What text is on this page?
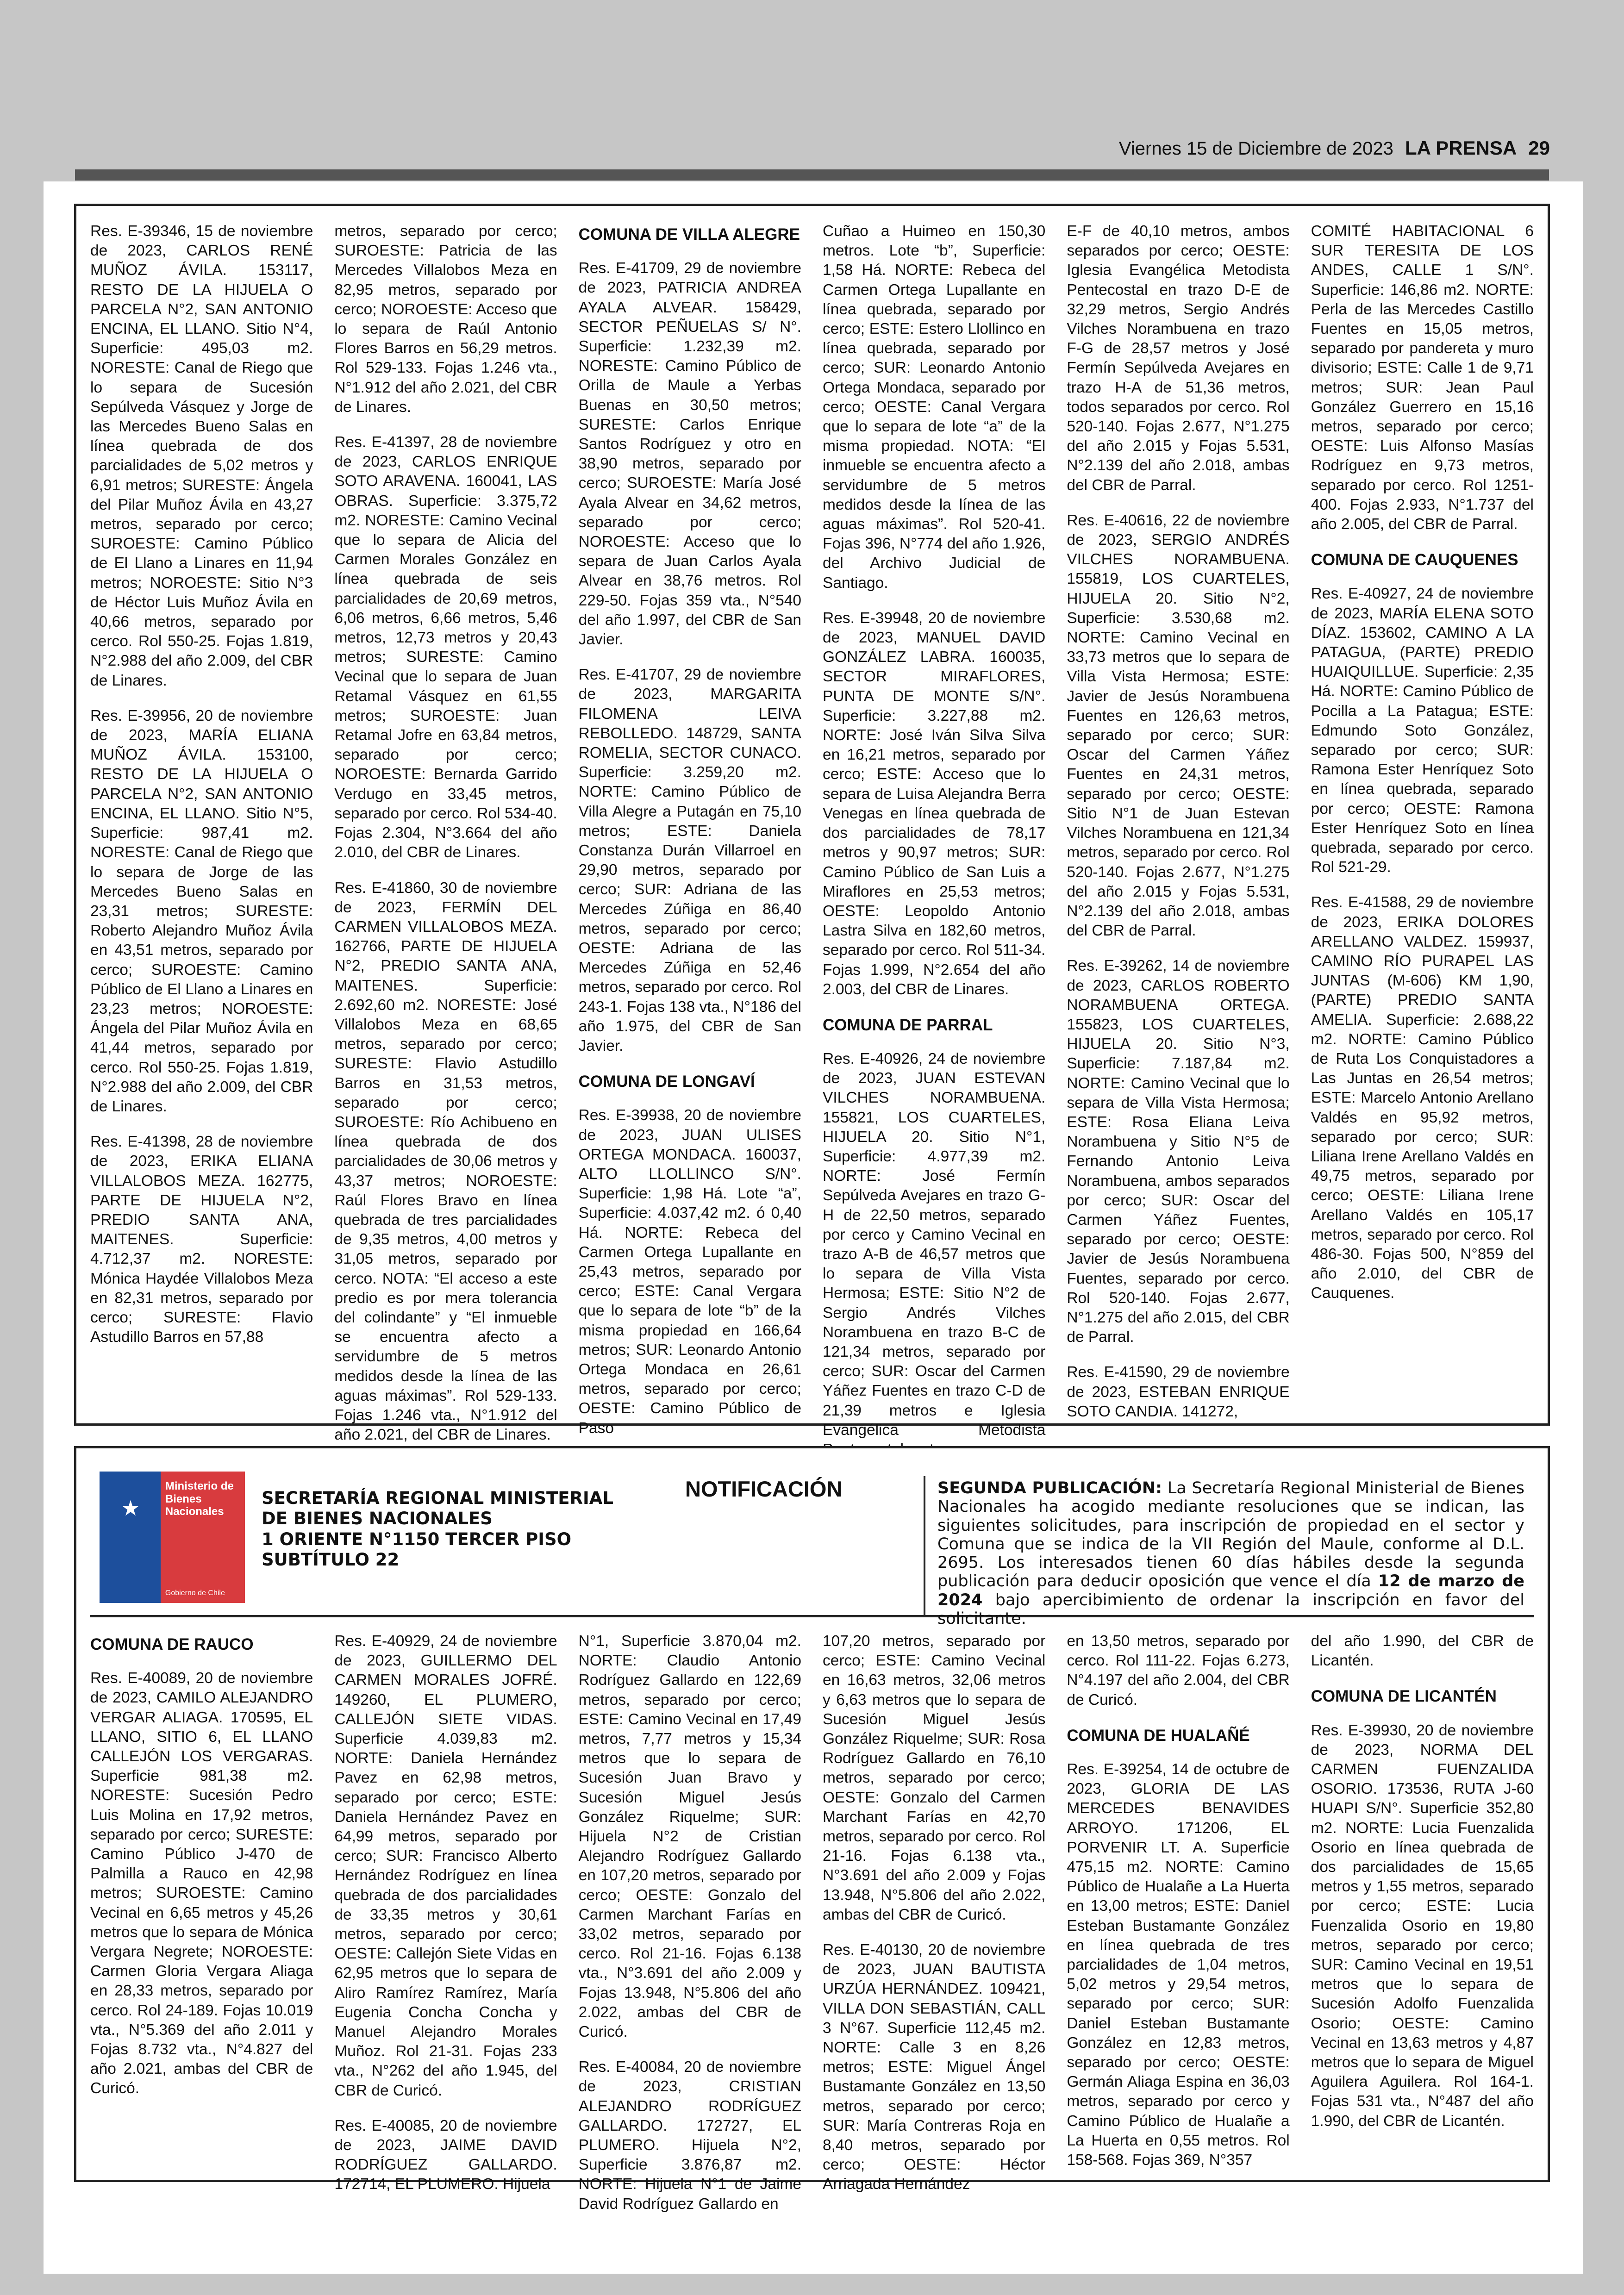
Viernes 15 de Diciembre de 2023 LA PRENSA 29

Res. E-39346, 15 de noviembre de 2023, CARLOS RENÉ MUÑOZ ÁVILA. 153117, RESTO DE LA HIJUELA O PARCELA N°2, SAN ANTONIO ENCINA, EL LLANO. Sitio N°4, Superficie: 495,03 m2. NORESTE: Canal de Riego que lo separa de Sucesión Sepúlveda Vásquez y Jorge de las Mercedes Bueno Salas en línea quebrada de dos parcialidades de 5,02 metros y 6,91 metros; SURESTE: Ángela del Pilar Muñoz Ávila en 43,27 metros, separado por cerco; SUROESTE: Camino Público de El Llano a Linares en 11,94 metros; NOROESTE: Sitio N°3 de Héctor Luis Muñoz Ávila en 40,66 metros, separado por cerco. Rol 550-25. Fojas 1.819, N°2.988 del año 2.009, del CBR de Linares.

Res. E-39956, 20 de noviembre de 2023, MARÍA ELIANA MUÑOZ ÁVILA. 153100, RESTO DE LA HIJUELA O PARCELA N°2, SAN ANTONIO ENCINA, EL LLANO. Sitio N°5, Superficie: 987,41 m2. NORESTE: Canal de Riego que lo separa de Jorge de las Mercedes Bueno Salas en 23,31 metros; SURESTE: Roberto Alejandro Muñoz Ávila en 43,51 metros, separado por cerco; SUROESTE: Camino Público de El Llano a Linares en 23,23 metros; NOROESTE: Ángela del Pilar Muñoz Ávila en 41,44 metros, separado por cerco. Rol 550-25. Fojas 1.819, N°2.988 del año 2.009, del CBR de Linares.

Res. E-41398, 28 de noviembre de 2023, ERIKA ELIANA VILLALOBOS MEZA. 162775, PARTE DE HIJUELA N°2, PREDIO SANTA ANA, MAITENES. Superficie: 4.712,37 m2. NORESTE: Mónica Haydée Villalobos Meza en 82,31 metros, separado por cerco; SURESTE: Flavio Astudillo Barros en 57,88

metros, separado por cerco; SUROESTE: Patricia de las Mercedes Villalobos Meza en 82,95 metros, separado por cerco; NOROESTE: Acceso que lo separa de Raúl Antonio Flores Barros en 56,29 metros. Rol 529-133. Fojas 1.246 vta., N°1.912 del año 2.021, del CBR de Linares.

Res. E-41397, 28 de noviembre de 2023, CARLOS ENRIQUE SOTO ARAVENA. 160041, LAS OBRAS. Superficie: 3.375,72 m2. NORESTE: Camino Vecinal que lo separa de Alicia del Carmen Morales González en línea quebrada de seis parcialidades de 20,69 metros, 6,06 metros, 6,66 metros, 5,46 metros, 12,73 metros y 20,43 metros; SURESTE: Camino Vecinal que lo separa de Juan Retamal Vásquez en 61,55 metros; SUROESTE: Juan Retamal Jofre en 63,84 metros, separado por cerco; NOROESTE: Bernarda Garrido Verdugo en 33,45 metros, separado por cerco. Rol 534-40. Fojas 2.304, N°3.664 del año 2.010, del CBR de Linares.

Res. E-41860, 30 de noviembre de 2023, FERMÍN DEL CARMEN VILLALOBOS MEZA. 162766, PARTE DE HIJUELA N°2, PREDIO SANTA ANA, MAITENES. Superficie: 2.692,60 m2. NORESTE: José Villalobos Meza en 68,65 metros, separado por cerco; SURESTE: Flavio Astudillo Barros en 31,53 metros, separado por cerco; SUROESTE: Río Achibueno en línea quebrada de dos parcialidades de 30,06 metros y 43,37 metros; NOROESTE: Raúl Flores Bravo en línea quebrada de tres parcialidades de 9,35 metros, 4,00 metros y 31,05 metros, separado por cerco. NOTA: “El acceso a este predio es por mera tolerancia del colindante” y “El inmueble se encuentra afecto a servidumbre de 5 metros medidos desde la línea de las aguas máximas”. Rol 529-133. Fojas 1.246 vta., N°1.912 del año 2.021, del CBR de Linares.

COMUNA DE VILLA ALEGRE

Res. E-41709, 29 de noviembre de 2023, PATRICIA ANDREA AYALA ALVEAR. 158429, SECTOR PEÑUELAS S/ N°. Superficie: 1.232,39 m2. NORESTE: Camino Público de Orilla de Maule a Yerbas Buenas en 30,50 metros; SURESTE: Carlos Enrique Santos Rodríguez y otro en 38,90 metros, separado por cerco; SUROESTE: María José Ayala Alvear en 34,62 metros, separado por cerco; NOROESTE: Acceso que lo separa de Juan Carlos Ayala Alvear en 38,76 metros. Rol 229-50. Fojas 359 vta., N°540 del año 1.997, del CBR de San Javier.

Res. E-41707, 29 de noviembre de 2023, MARGARITA FILOMENA LEIVA REBOLLEDO. 148729, SANTA ROMELIA, SECTOR CUNACO. Superficie: 3.259,20 m2. NORTE: Camino Público de Villa Alegre a Putagán en 75,10 metros; ESTE: Daniela Constanza Durán Villarroel en 29,90 metros, separado por cerco; SUR: Adriana de las Mercedes Zúñiga en 86,40 metros, separado por cerco; OESTE: Adriana de las Mercedes Zúñiga en 52,46 metros, separado por cerco. Rol 243-1. Fojas 138 vta., N°186 del año 1.975, del CBR de San Javier.

COMUNA DE LONGAVÍ

Res. E-39938, 20 de noviembre de 2023, JUAN ULISES ORTEGA MONDACA. 160037, ALTO LLOLLINCO S/N°. Superficie: 1,98 Há. Lote “a”, Superficie: 4.037,42 m2. ó 0,40 Há. NORTE: Rebeca del Carmen Ortega Lupallante en 25,43 metros, separado por cerco; ESTE: Canal Vergara que lo separa de lote “b” de la misma propiedad en 166,64 metros; SUR: Leonardo Antonio Ortega Mondaca en 26,61 metros, separado por cerco; OESTE: Camino Público de Paso

Cuñao a Huimeo en 150,30 metros. Lote “b”, Superficie: 1,58 Há. NORTE: Rebeca del Carmen Ortega Lupallante en línea quebrada, separado por cerco; ESTE: Estero Llollinco en línea quebrada, separado por cerco; SUR: Leonardo Antonio Ortega Mondaca, separado por cerco; OESTE: Canal Vergara que lo separa de lote “a” de la misma propiedad. NOTA: “El inmueble se encuentra afecto a servidumbre de 5 metros medidos desde la línea de las aguas máximas”. Rol 520-41. Fojas 396, N°774 del año 1.926, del Archivo Judicial de Santiago.

Res. E-39948, 20 de noviembre de 2023, MANUEL DAVID GONZÁLEZ LABRA. 160035, SECTOR MIRAFLORES, PUNTA DE MONTE S/N°. Superficie: 3.227,88 m2. NORTE: José Iván Silva Silva en 16,21 metros, separado por cerco; ESTE: Acceso que lo separa de Luisa Alejandra Berra Venegas en línea quebrada de dos parcialidades de 78,17 metros y 90,97 metros; SUR: Camino Público de San Luis a Miraflores en 25,53 metros; OESTE: Leopoldo Antonio Lastra Silva en 182,60 metros, separado por cerco. Rol 511-34. Fojas 1.999, N°2.654 del año 2.003, del CBR de Linares.

COMUNA DE PARRAL

Res. E-40926, 24 de noviembre de 2023, JUAN ESTEVAN VILCHES NORAMBUENA. 155821, LOS CUARTELES, HIJUELA 20. Sitio N°1, Superficie: 4.977,39 m2. NORTE: José Fermín Sepúlveda Avejares en trazo G-H de 22,50 metros, separado por cerco y Camino Vecinal en trazo A-B de 46,57 metros que lo separa de Villa Vista Hermosa; ESTE: Sitio N°2 de Sergio Andrés Vilches Norambuena en trazo B-C de 121,34 metros, separado por cerco; SUR: Oscar del Carmen Yáñez Fuentes en trazo C-D de 21,39 metros e Iglesia Evangélica Metodista

E-F de 40,10 metros, ambos separados por cerco; OESTE: Iglesia Evangélica Metodista Pentecostal en trazo D-E de 32,29 metros, Sergio Andrés Vilches Norambuena en trazo F-G de 28,57 metros y José Fermín Sepúlveda Avejares en trazo H-A de 51,36 metros, todos separados por cerco. Rol 520-140. Fojas 2.677, N°1.275 del año 2.015 y Fojas 5.531, N°2.139 del año 2.018, ambas del CBR de Parral.

Res. E-40616, 22 de noviembre de 2023, SERGIO ANDRÉS VILCHES NORAMBUENA. 155819, LOS CUARTELES, HIJUELA 20. Sitio N°2, Superficie: 3.530,68 m2. NORTE: Camino Vecinal en 33,73 metros que lo separa de Villa Vista Hermosa; ESTE: Javier de Jesús Norambuena Fuentes en 126,63 metros, separado por cerco; SUR: Oscar del Carmen Yáñez Fuentes en 24,31 metros, separado por cerco; OESTE: Sitio N°1 de Juan Estevan Vilches Norambuena en 121,34 metros, separado por cerco. Rol 520-140. Fojas 2.677, N°1.275 del año 2.015 y Fojas 5.531, N°2.139 del año 2.018, ambas del CBR de Parral.

Res. E-39262, 14 de noviembre de 2023, CARLOS ROBERTO NORAMBUENA ORTEGA. 155823, LOS CUARTELES, HIJUELA 20. Sitio N°3, Superficie: 7.187,84 m2. NORTE: Camino Vecinal que lo separa de Villa Vista Hermosa; ESTE: Rosa Eliana Leiva Norambuena y Sitio N°5 de Fernando Antonio Leiva Norambuena, ambos separados por cerco; SUR: Oscar del Carmen Yáñez Fuentes, separado por cerco; OESTE: Javier de Jesús Norambuena Fuentes, separado por cerco. Rol 520-140. Fojas 2.677, N°1.275 del año 2.015, del CBR de Parral.

Res. E-41590, 29 de noviembre de 2023, ESTEBAN ENRIQUE SOTO CANDIA. 141272,

COMITÉ HABITACIONAL 6 SUR TERESITA DE LOS ANDES, CALLE 1 S/N°. Superficie: 146,86 m2. NORTE: Perla de las Mercedes Castillo Fuentes en 15,05 metros, separado por pandereta y muro divisorio; ESTE: Calle 1 de 9,71 metros; SUR: Jean Paul González Guerrero en 15,16 metros, separado por cerco; OESTE: Luis Alfonso Masías Rodríguez en 9,73 metros, separado por cerco. Rol 1251-400. Fojas 2.933, N°1.737 del año 2.005, del CBR de Parral.

COMUNA DE CAUQUENES

Res. E-40927, 24 de noviembre de 2023, MARÍA ELENA SOTO DÍAZ. 153602, CAMINO A LA PATAGUA, (PARTE) PREDIO HUAIQUILLUE. Superficie: 2,35 Há. NORTE: Camino Público de Pocilla a La Patagua; ESTE: Edmundo Soto González, separado por cerco; SUR: Ramona Ester Henríquez Soto en línea quebrada, separado por cerco; OESTE: Ramona Ester Henríquez Soto en línea quebrada, separado por cerco. Rol 521-29.

Res. E-41588, 29 de noviembre de 2023, ERIKA DOLORES ARELLANO VALDEZ. 159937, CAMINO RÍO PURAPEL LAS JUNTAS (M-606) KM 1,90, (PARTE) PREDIO SANTA AMELIA. Superficie: 2.688,22 m2. NORTE: Camino Público de Ruta Los Conquistadores a Las Juntas en 26,54 metros; ESTE: Marcelo Antonio Arellano Valdés en 95,92 metros, separado por cerco; SUR: Liliana Irene Arellano Valdés en 49,75 metros, separado por cerco; OESTE: Liliana Irene Arellano Valdés en 105,17 metros, separado por cerco. Rol 486-30. Fojas 500, N°859 del año 2.010, del CBR de Cauquenes.

★
Ministerio de
Bienes
Nacionales
Gobierno de Chile
SECRETARÍA REGIONAL MINISTERIAL
DE BIENES NACIONALES
1 ORIENTE N°1150 TERCER PISO
SUBTÍTULO 22
NOTIFICACIÓN	SEGUNDA PUBLICACIÓN: La Secretaría Regional Ministerial de Bienes Nacionales ha acogido mediante resoluciones que se indican, las siguientes solicitudes, para inscripción de propiedad en el sector y Comuna que se indica de la VII Región del Maule, conforme al D.L. 2695. Los interesados tienen 60 días hábiles desde la segunda publicación para deducir oposición que vence el día 12 de marzo de 2024 bajo apercibimiento de ordenar la inscripción en favor del solicitante.
COMUNA DE RAUCO

Res. E-40089, 20 de noviembre de 2023, CAMILO ALEJANDRO VERGAR ALIAGA. 170595, EL LLANO, SITIO 6, EL LLANO CALLEJÓN LOS VERGARAS. Superficie 981,38 m2. NORESTE: Sucesión Pedro Luis Molina en 17,92 metros, separado por cerco; SURESTE: Camino Público J-470 de Palmilla a Rauco en 42,98 metros; SUROESTE: Camino Vecinal en 6,65 metros y 45,26 metros que lo separa de Mónica Vergara Negrete; NOROESTE: Carmen Gloria Vergara Aliaga en 28,33 metros, separado por cerco. Rol 24-189. Fojas 10.019 vta., N°5.369 del año 2.011 y Fojas 8.732 vta., N°4.827 del año 2.021, ambas del CBR de Curicó.

Res. E-40929, 24 de noviembre de 2023, GUILLERMO DEL CARMEN MORALES JOFRÉ. 149260, EL PLUMERO, CALLEJÓN SIETE VIDAS. Superficie 4.039,83 m2. NORTE: Daniela Hernández Pavez en 62,98 metros, separado por cerco; ESTE: Daniela Hernández Pavez en 64,99 metros, separado por cerco; SUR: Francisco Alberto Hernández Rodríguez en línea quebrada de dos parcialidades de 33,35 metros y 30,61 metros, separado por cerco; OESTE: Callejón Siete Vidas en 62,95 metros que lo separa de Aliro Ramírez Ramírez, María Eugenia Concha Concha y Manuel Alejandro Morales Muñoz. Rol 21-31. Fojas 233 vta., N°262 del año 1.945, del CBR de Curicó.

Res. E-40085, 20 de noviembre de 2023, JAIME DAVID RODRÍGUEZ GALLARDO. 172714, EL PLUMERO. Hijuela

N°1, Superficie 3.870,04 m2. NORTE: Claudio Antonio Rodríguez Gallardo en 122,69 metros, separado por cerco; ESTE: Camino Vecinal en 17,49 metros, 7,77 metros y 15,34 metros que lo separa de Sucesión Juan Bravo y Sucesión Miguel Jesús González Riquelme; SUR: Hijuela N°2 de Cristian Alejandro Rodríguez Gallardo en 107,20 metros, separado por cerco; OESTE: Gonzalo del Carmen Marchant Farías en 33,02 metros, separado por cerco. Rol 21-16. Fojas 6.138 vta., N°3.691 del año 2.009 y Fojas 13.948, N°5.806 del año 2.022, ambas del CBR de Curicó.

Res. E-40084, 20 de noviembre de 2023, CRISTIAN ALEJANDRO RODRÍGUEZ GALLARDO. 172727, EL PLUMERO. Hijuela N°2, Superficie 3.876,87 m2. NORTE: Hijuela N°1 de Jaime David Rodríguez Gallardo en

107,20 metros, separado por cerco; ESTE: Camino Vecinal en 16,63 metros, 32,06 metros y 6,63 metros que lo separa de Sucesión Miguel Jesús González Riquelme; SUR: Rosa Rodríguez Gallardo en 76,10 metros, separado por cerco; OESTE: Gonzalo del Carmen Marchant Farías en 42,70 metros, separado por cerco. Rol 21-16. Fojas 6.138 vta., N°3.691 del año 2.009 y Fojas 13.948, N°5.806 del año 2.022, ambas del CBR de Curicó.

Res. E-40130, 20 de noviembre de 2023, JUAN BAUTISTA URZÚA HERNÁNDEZ. 109421, VILLA DON SEBASTIÁN, CALL 3 N°67. Superficie 112,45 m2. NORTE: Calle 3 en 8,26 metros; ESTE: Miguel Ángel Bustamante González en 13,50 metros, separado por cerco; SUR: María Contreras Roja en 8,40 metros, separado por cerco; OESTE: Héctor Arriagada Hernández

en 13,50 metros, separado por cerco. Rol 111-22. Fojas 6.273, N°4.197 del año 2.004, del CBR de Curicó.

COMUNA DE HUALAÑÉ

Res. E-39254, 14 de octubre de 2023, GLORIA DE LAS MERCEDES BENAVIDES ARROYO. 171206, EL PORVENIR LT. A. Superficie 475,15 m2. NORTE: Camino Público de Hualañe a La Huerta en 13,00 metros; ESTE: Daniel Esteban Bustamante González en línea quebrada de tres parcialidades de 1,04 metros, 5,02 metros y 29,54 metros, separado por cerco; SUR: Daniel Esteban Bustamante González en 12,83 metros, separado por cerco; OESTE: Germán Aliaga Espina en 36,03 metros, separado por cerco y Camino Público de Hualañe a La Huerta en 0,55 metros. Rol 158-568. Fojas 369, N°357

del año 1.990, del CBR de Licantén.

COMUNA DE LICANTÉN

Res. E-39930, 20 de noviembre de 2023, NORMA DEL CARMEN FUENZALIDA OSORIO. 173536, RUTA J-60 HUAPI S/N°. Superficie 352,80 m2. NORTE: Lucia Fuenzalida Osorio en línea quebrada de dos parcialidades de 15,65 metros y 1,55 metros, separado por cerco; ESTE: Lucia Fuenzalida Osorio en 19,80 metros, separado por cerco; SUR: Camino Vecinal en 19,51 metros que lo separa de Sucesión Adolfo Fuenzalida Osorio; OESTE: Camino Vecinal en 13,63 metros y 4,87 metros que lo separa de Miguel Aguilera Aguilera. Rol 164-1. Fojas 531 vta., N°487 del año 1.990, del CBR de Licantén.
